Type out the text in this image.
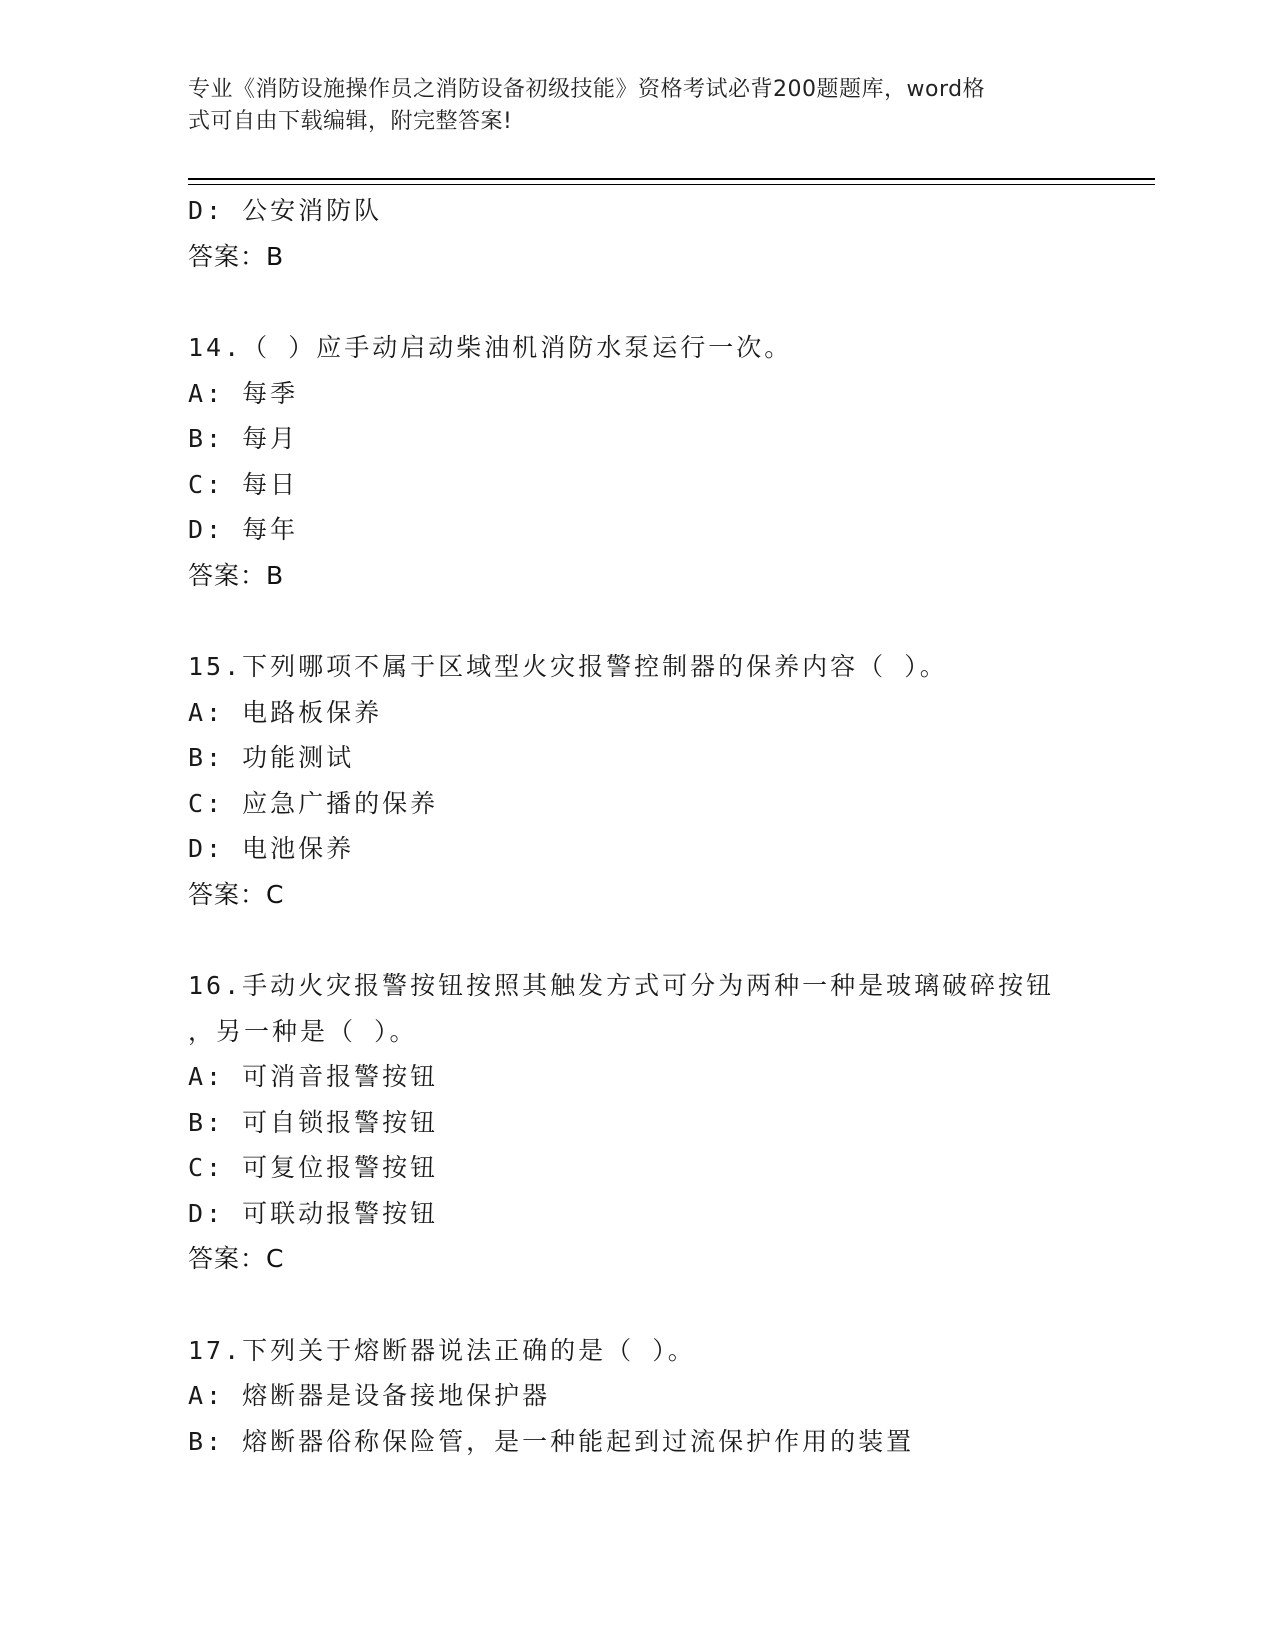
专业《消防设施操作员之消防设备初级技能》资格考试必背200题题库，word格
式可自由下载编辑，附完整答案!
D: 公安消防队
答案：B
14.（ ）应手动启动柴油机消防水泵运行一次。
A: 每季
B: 每月
C: 每日
D: 每年
答案：B
15.下列哪项不属于区域型火灾报警控制器的保养内容（ ）。
A: 电路板保养
B: 功能测试
C: 应急广播的保养
D: 电池保养
答案：C
16.手动火灾报警按钮按照其触发方式可分为两种一种是玻璃破碎按钮
，另一种是（ ）。
A: 可消音报警按钮
B: 可自锁报警按钮
C: 可复位报警按钮
D: 可联动报警按钮
答案：C
17.下列关于熔断器说法正确的是（ ）。
A: 熔断器是设备接地保护器
B: 熔断器俗称保险管，是一种能起到过流保护作用的装置
